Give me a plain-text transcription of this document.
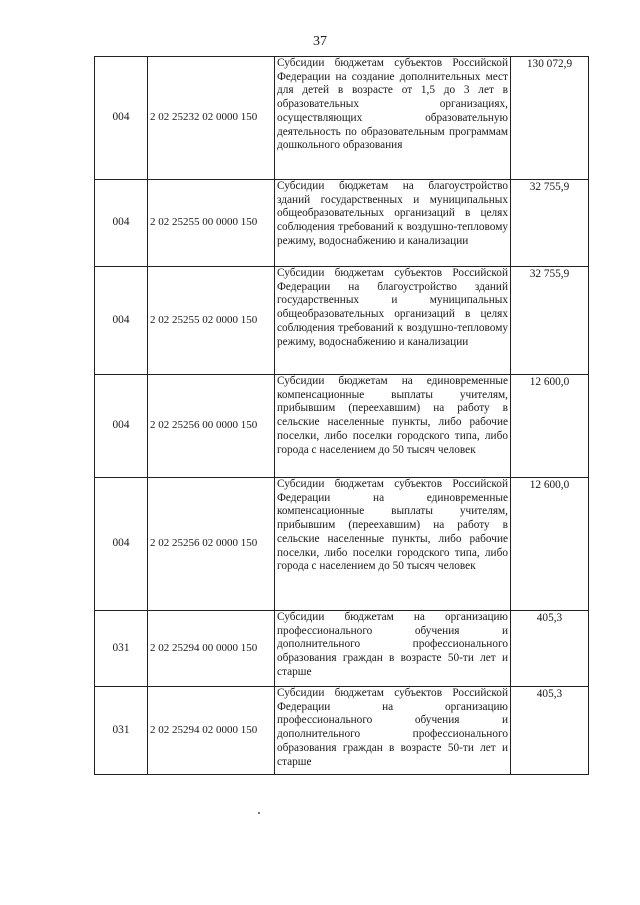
37
004	2 02 25232 02 0000 150	Субсидии бюджетам субъектов Российской Федерации на создание дополнительных мест для детей в возрасте от 1,5 до 3 лет в образовательных организациях, осуществляющих образовательную деятельность по образовательным программам дошкольного образования	130 072,9
004	2 02 25255 00 0000 150	Субсидии бюджетам на благоустройство зданий государственных и муниципальных общеобразовательных организаций в целях соблюдения требований к воздушно-тепловому режиму, водоснабжению и канализации	32 755,9
004	2 02 25255 02 0000 150	Субсидии бюджетам субъектов Российской Федерации на благоустройство зданий государственных и муниципальных общеобразовательных организаций в целях соблюдения требований к воздушно-тепловому режиму, водоснабжению и канализации	32 755,9
004	2 02 25256 00 0000 150	Субсидии бюджетам на единовременные компенсационные выплаты учителям, прибывшим (переехавшим) на работу в сельские населенные пункты, либо рабочие поселки, либо поселки городского типа, либо города с населением до 50 тысяч человек	12 600,0
004	2 02 25256 02 0000 150	Субсидии бюджетам субъектов Российской Федерации на единовременные компенсационные выплаты учителям, прибывшим (переехавшим) на работу в сельские населенные пункты, либо рабочие поселки, либо поселки городского типа, либо города с населением до 50 тысяч человек	12 600,0
031	2 02 25294 00 0000 150	Субсидии бюджетам на организацию профессионального обучения и дополнительного профессионального образования граждан в возрасте 50-ти лет и старше	405,3
031	2 02 25294 02 0000 150	Субсидии бюджетам субъектов Российской Федерации на организацию профессионального обучения и дополнительного профессионального образования граждан в возрасте 50-ти лет и старше	405,3
